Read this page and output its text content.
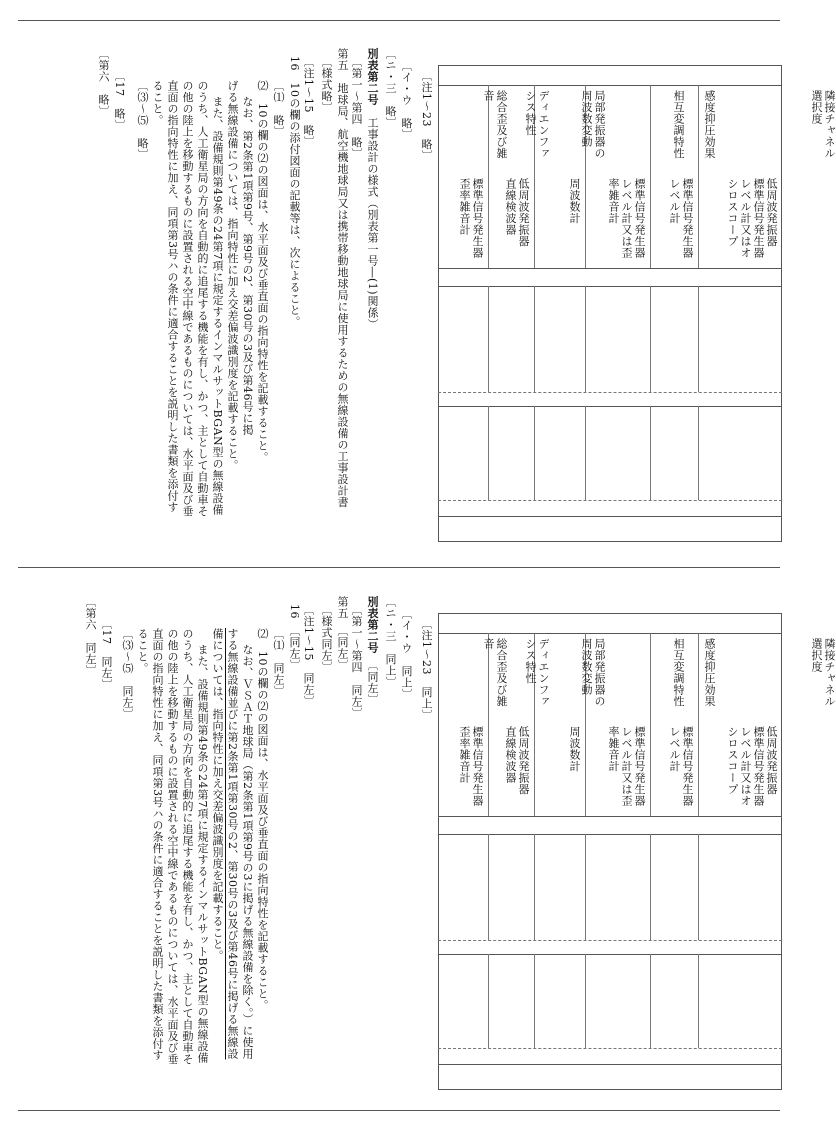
〔注1～23　略〕
〔イ・ウ　略〕
〔ニ・三　略〕
別表第二号　工事設計の様式（別表第一号―(1)関係）
〔第一～第四　略〕
第五　地球局、航空機地球局又は携帯移動地球局に使用するための無線設備の工事設計書
〔様式略〕
〔注1～15　略〕
16　10の欄の添付図面の記載等は、次によること。
〔⑴　略〕
⑵　10の欄の⑵の図面は、水平面及び垂直面の指向特性を記載すること。
なお、第2条第1項第9号、第9号の2、第30号の3及び第46号に掲
げる無線設備については、指向特性に加え交差偏波識別度を記載すること。
また、設備規則第49条の24第7項に規定するインマルサットBGAN型の無線設備
のうち、人工衛星局の方向を自動的に追尾する機能を有し、かつ、主として自動車そ
の他の陸上を移動するものに設置される空中線であるものについては、水平面及び垂
直面の指向特性に加え、同項第3号ハの条件に適合することを説明した書類を添付す
ること。
〔⑶～⑸　略〕
〔17　略〕
〔第六　略〕
隣接チャネル選択度
低周波発振器　標準信号発生器　レベル計又はオシロスコープ
感度抑圧効果
標準信号発生器　レベル計
相互変調特性
標準信号発生器　レベル計又は歪率雑音計
局部発振器の周波数変動
周波数計
ディエンファシス特性
低周波発振器　直線検波器
総合歪及び雑音
標準信号発生器　歪率雑音計
〔注1～23　同上〕
〔イ・ウ　同上〕
〔ニ・三　同上〕
別表第二号　〔同左〕
〔第一～第四　同左〕
第五　〔同左〕
〔様式同左〕
〔注1～15　同左〕
16　〔同左〕
〔⑴　同左〕
⑵　10の欄の⑵の図面は、水平面及び垂直面の指向特性を記載すること。
なお、ＶＳＡＴ地球局（第2条第1項第9号の3に掲げる無線設備を除く。）に使用
する無線設備並びに第2条第1項第30号の2、第30号の3及び第46号に掲げる無線設
備については、指向特性に加え交差偏波識別度を記載すること。
また、設備規則第49条の24第7項に規定するインマルサットBGAN型の無線設備
のうち、人工衛星局の方向を自動的に追尾する機能を有し、かつ、主として自動車そ
の他の陸上を移動するものに設置される空中線であるものについては、水平面及び垂
直面の指向特性に加え、同項第3号ハの条件に適合することを説明した書類を添付す
ること。
〔⑶～⑸　同左〕
〔17　同左〕
〔第六　同左〕	隣接チャネル選択度
低周波発振器　標準信号発生器　レベル計又はオシロスコープ
感度抑圧効果
標準信号発生器　レベル計
相互変調特性
標準信号発生器　レベル計又は歪率雑音計
局部発振器の周波数変動
周波数計
ディエンファシス特性
低周波発振器　直線検波器
総合歪及び雑音
標準信号発生器　歪率雑音計
